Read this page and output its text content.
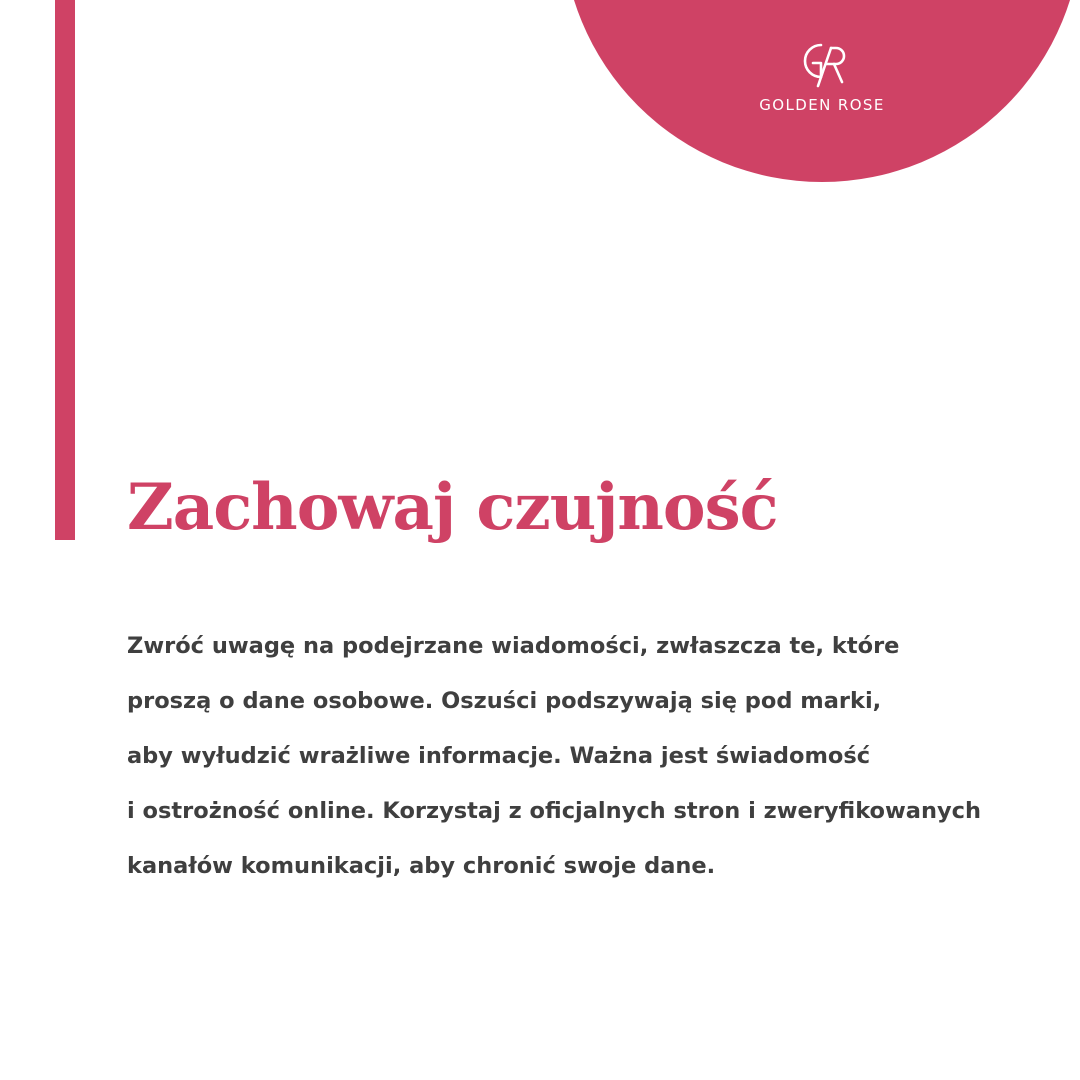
GOLDEN ROSE
Zachowaj czujność

Zwróć uwagę na podejrzane wiadomości, zwłaszcza te, które
proszą o dane osobowe. Oszuści podszywają się pod marki,
aby wyłudzić wrażliwe informacje. Ważna jest świadomość
i ostrożność online. Korzystaj z oficjalnych stron i zweryfikowanych
kanałów komunikacji, aby chronić swoje dane.
